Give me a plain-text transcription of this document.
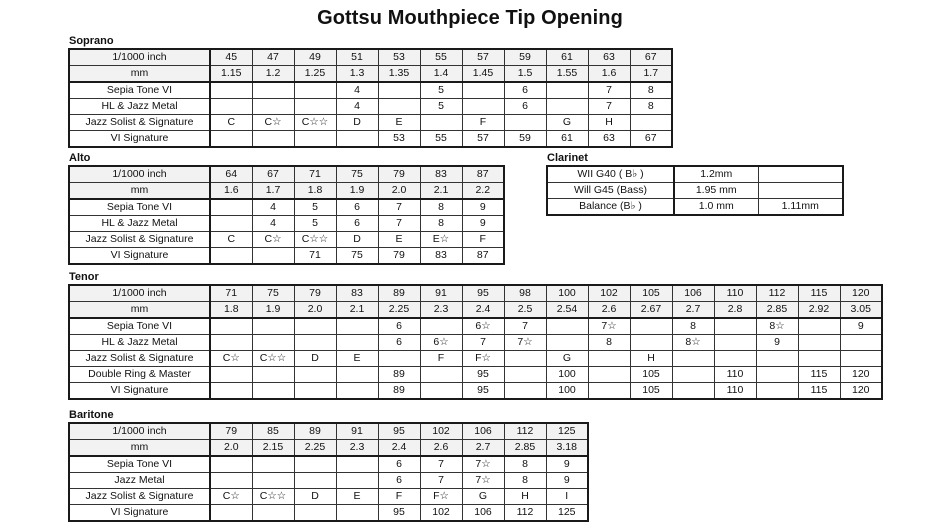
Gottsu Mouthpiece Tip Opening
Soprano
1/1000 inch	45	47	49	51	53	55	57	59	61	63	67
mm	1.15	1.2	1.25	1.3	1.35	1.4	1.45	1.5	1.55	1.6	1.7
Sepia Tone VI				4		5		6		7	8
HL & Jazz Metal				4		5		6		7	8
Jazz Solist & Signature	C	C☆	C☆☆	D	E		F		G	H	
VI Signature					53	55	57	59	61	63	67
Alto
1/1000 inch	64	67	71	75	79	83	87
mm	1.6	1.7	1.8	1.9	2.0	2.1	2.2
Sepia Tone VI		4	5	6	7	8	9
HL & Jazz Metal		4	5	6	7	8	9
Jazz Solist & Signature	C	C☆	C☆☆	D	E	E☆	F
VI Signature			71	75	79	83	87
Clarinet
WII G40 ( B♭ )	1.2mm	
Will G45 (Bass)	1.95 mm	
Balance (B♭ )	1.0 mm	1.11mm
Tenor
1/1000 inch	71	75	79	83	89	91	95	98	100	102	105	106	110	112	115	120
mm	1.8	1.9	2.0	2.1	2.25	2.3	2.4	2.5	2.54	2.6	2.67	2.7	2.8	2.85	2.92	3.05
Sepia Tone VI					6		6☆	7		7☆		8		8☆		9
HL & Jazz Metal					6	6☆	7	7☆		8		8☆		9		
Jazz Solist & Signature	C☆	C☆☆	D	E		F	F☆		G		H					
Double Ring & Master					89		95		100		105		110		115	120
VI Signature					89		95		100		105		110		115	120
Baritone
1/1000 inch	79	85	89	91	95	102	106	112	125
mm	2.0	2.15	2.25	2.3	2.4	2.6	2.7	2.85	3.18
Sepia Tone VI					6	7	7☆	8	9
Jazz Metal					6	7	7☆	8	9
Jazz Solist & Signature	C☆	C☆☆	D	E	F	F☆	G	H	I
VI Signature					95	102	106	112	125
